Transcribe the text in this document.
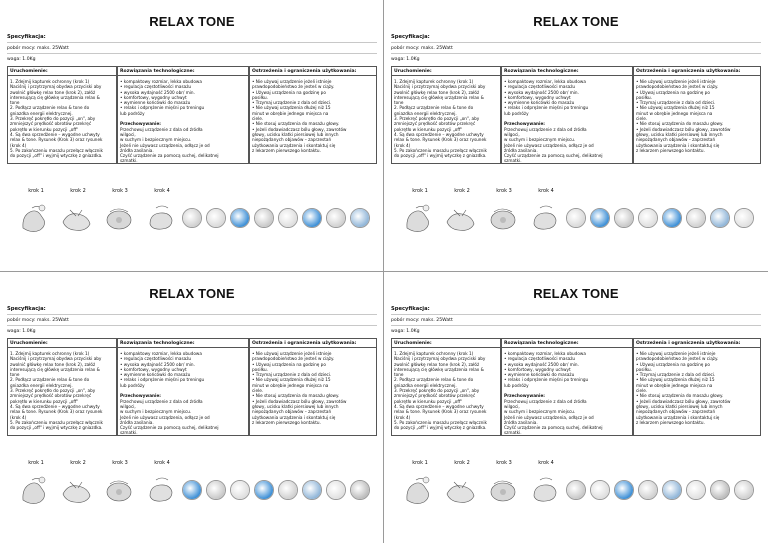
RELAX TONE
Specyfikacja:
pobór mocy: maks. 25Watt
waga: 1.0Kg
Uruchomienie:
1. Zdejmij kapturek ochronny (krok 1)
Naciśnij i przytrzymaj obydwa przyciski aby
zwolnić główkę relax tone (krok 2), załóż
interesującą cię główkę urządzenia relax &
tone
2. Podłącz urządzenie relax & tone do
gniazdka energii elektrycznej.
3. Przekręć pokrętło do pozycji „on", aby
zmniejszyć prędkość obrotów przekręć
pokrętło w kierunku pozycji „off"
4. Są dwa sprzedżenie – wygodne uchwyty
relax & tone. Rysunek (Krok 3) oraz rysunek
(krok 4)
5. Po zakończeniu masażu przełącz włącznik
do pozycji „off" i wyjmij wtyczkę z gniazdka.
Rozwiązania technologiczne:
• kompaktowy rozmiar, lekka obudowa
• regulacja częstotliwości masażu
• wysoka wydajność 2500 obr/ min.
• komfortowy, wygodny uchwyt
• wymienne końcówki do masażu
• relaks i odprężenie mięśni po treningu
lub podróży

Przechowywanie:
Przechowuj urządzenie z dala od źródła
wilgoci,
w suchym i bezpiecznym miejscu.
Jeżeli nie używasz urządzenia, odłącz je od
źródła zasilania.
Czyść urządzenie za pomocą suchej, delikatnej
szmatki.
Ostrzeżenia i ograniczenia użytkowania:
• Nie używaj urządzenie jeżeli istnieje
prawdopodobieństwo że jesteś w ciąży.
• Używaj urządzenia na godzinę po
posiłku.
• Trzymaj urządzenie z dala od dzieci.
• Nie używaj urządzenia dłużej niż 15
minut w obrębie jednego miejsca na
ciele.
• Nie stosuj urządzenia do masażu głowy.
• Jeżeli dodawiadczasz bólu głowy, zawrotów
głowy, ucisku klatki piersiowej lub innych
niepożądanych objawów – zaprzestań
użytkowania urządzenia i skontaktuj się
z lekarzem pierwszego kontaktu.
krok 1	krok 2	krok 3	krok 4
RELAX TONE
Specyfikacja:
pobór mocy: maks. 25Watt
waga: 1.0Kg
Uruchomienie:
1. Zdejmij kapturek ochronny (krok 1)
Naciśnij i przytrzymaj obydwa przyciski aby
zwolnić główkę relax tone (krok 2), załóż
interesującą cię główkę urządzenia relax &
tone
2. Podłącz urządzenie relax & tone do
gniazdka energii elektrycznej.
3. Przekręć pokrętło do pozycji „on", aby
zmniejszyć prędkość obrotów przekręć
pokrętło w kierunku pozycji „off"
4. Są dwa sprzedżenie – wygodne uchwyty
relax & tone. Rysunek (Krok 3) oraz rysunek
(krok 4)
5. Po zakończeniu masażu przełącz włącznik
do pozycji „off" i wyjmij wtyczkę z gniazdka.
Rozwiązania technologiczne:
• kompaktowy rozmiar, lekka obudowa
• regulacja częstotliwości masażu
• wysoka wydajność 2500 obr/ min.
• komfortowy, wygodny uchwyt
• wymienne końcówki do masażu
• relaks i odprężenie mięśni po treningu
lub podróży

Przechowywanie:
Przechowuj urządzenie z dala od źródła
wilgoci,
w suchym i bezpiecznym miejscu.
Jeżeli nie używasz urządzenia, odłącz je od
źródła zasilania.
Czyść urządzenie za pomocą suchej, delikatnej
szmatki.
Ostrzeżenia i ograniczenia użytkowania:
• Nie używaj urządzenie jeżeli istnieje
prawdopodobieństwo że jesteś w ciąży.
• Używaj urządzenia na godzinę po
posiłku.
• Trzymaj urządzenie z dala od dzieci.
• Nie używaj urządzenia dłużej niż 15
minut w obrębie jednego miejsca na
ciele.
• Nie stosuj urządzenia do masażu głowy.
• Jeżeli dodawiadczasz bólu głowy, zawrotów
głowy, ucisku klatki piersiowej lub innych
niepożądanych objawów – zaprzestań
użytkowania urządzenia i skontaktuj się
z lekarzem pierwszego kontaktu.
krok 1	krok 2	krok 3	krok 4
RELAX TONE
Specyfikacja:
pobór mocy: maks. 25Watt
waga: 1.0Kg
Uruchomienie:
1. Zdejmij kapturek ochronny (krok 1)
Naciśnij i przytrzymaj obydwa przyciski aby
zwolnić główkę relax tone (krok 2), załóż
interesującą cię główkę urządzenia relax &
tone
2. Podłącz urządzenie relax & tone do
gniazdka energii elektrycznej.
3. Przekręć pokrętło do pozycji „on", aby
zmniejszyć prędkość obrotów przekręć
pokrętło w kierunku pozycji „off"
4. Są dwa sprzedżenie – wygodne uchwyty
relax & tone. Rysunek (Krok 3) oraz rysunek
(krok 4)
5. Po zakończeniu masażu przełącz włącznik
do pozycji „off" i wyjmij wtyczkę z gniazdka.
Rozwiązania technologiczne:
• kompaktowy rozmiar, lekka obudowa
• regulacja częstotliwości masażu
• wysoka wydajność 2500 obr/ min.
• komfortowy, wygodny uchwyt
• wymienne końcówki do masażu
• relaks i odprężenie mięśni po treningu
lub podróży

Przechowywanie:
Przechowuj urządzenie z dala od źródła
wilgoci,
w suchym i bezpiecznym miejscu.
Jeżeli nie używasz urządzenia, odłącz je od
źródła zasilania.
Czyść urządzenie za pomocą suchej, delikatnej
szmatki.
Ostrzeżenia i ograniczenia użytkowania:
• Nie używaj urządzenie jeżeli istnieje
prawdopodobieństwo że jesteś w ciąży.
• Używaj urządzenia na godzinę po
posiłku.
• Trzymaj urządzenie z dala od dzieci.
• Nie używaj urządzenia dłużej niż 15
minut w obrębie jednego miejsca na
ciele.
• Nie stosuj urządzenia do masażu głowy.
• Jeżeli dodawiadczasz bólu głowy, zawrotów
głowy, ucisku klatki piersiowej lub innych
niepożądanych objawów – zaprzestań
użytkowania urządzenia i skontaktuj się
z lekarzem pierwszego kontaktu.
krok 1	krok 2	krok 3	krok 4
RELAX TONE
Specyfikacja:
pobór mocy: maks. 25Watt
waga: 1.0Kg
Uruchomienie:
1. Zdejmij kapturek ochronny (krok 1)
Naciśnij i przytrzymaj obydwa przyciski aby
zwolnić główkę relax tone (krok 2), załóż
interesującą cię główkę urządzenia relax &
tone
2. Podłącz urządzenie relax & tone do
gniazdka energii elektrycznej.
3. Przekręć pokrętło do pozycji „on", aby
zmniejszyć prędkość obrotów przekręć
pokrętło w kierunku pozycji „off"
4. Są dwa sprzedżenie – wygodne uchwyty
relax & tone. Rysunek (Krok 3) oraz rysunek
(krok 4)
5. Po zakończeniu masażu przełącz włącznik
do pozycji „off" i wyjmij wtyczkę z gniazdka.
Rozwiązania technologiczne:
• kompaktowy rozmiar, lekka obudowa
• regulacja częstotliwości masażu
• wysoka wydajność 2500 obr/ min.
• komfortowy, wygodny uchwyt
• wymienne końcówki do masażu
• relaks i odprężenie mięśni po treningu
lub podróży

Przechowywanie:
Przechowuj urządzenie z dala od źródła
wilgoci,
w suchym i bezpiecznym miejscu.
Jeżeli nie używasz urządzenia, odłącz je od
źródła zasilania.
Czyść urządzenie za pomocą suchej, delikatnej
szmatki.
Ostrzeżenia i ograniczenia użytkowania:
• Nie używaj urządzenie jeżeli istnieje
prawdopodobieństwo że jesteś w ciąży.
• Używaj urządzenia na godzinę po
posiłku.
• Trzymaj urządzenie z dala od dzieci.
• Nie używaj urządzenia dłużej niż 15
minut w obrębie jednego miejsca na
ciele.
• Nie stosuj urządzenia do masażu głowy.
• Jeżeli dodawiadczasz bólu głowy, zawrotów
głowy, ucisku klatki piersiowej lub innych
niepożądanych objawów – zaprzestań
użytkowania urządzenia i skontaktuj się
z lekarzem pierwszego kontaktu.
krok 1	krok 2	krok 3	krok 4
